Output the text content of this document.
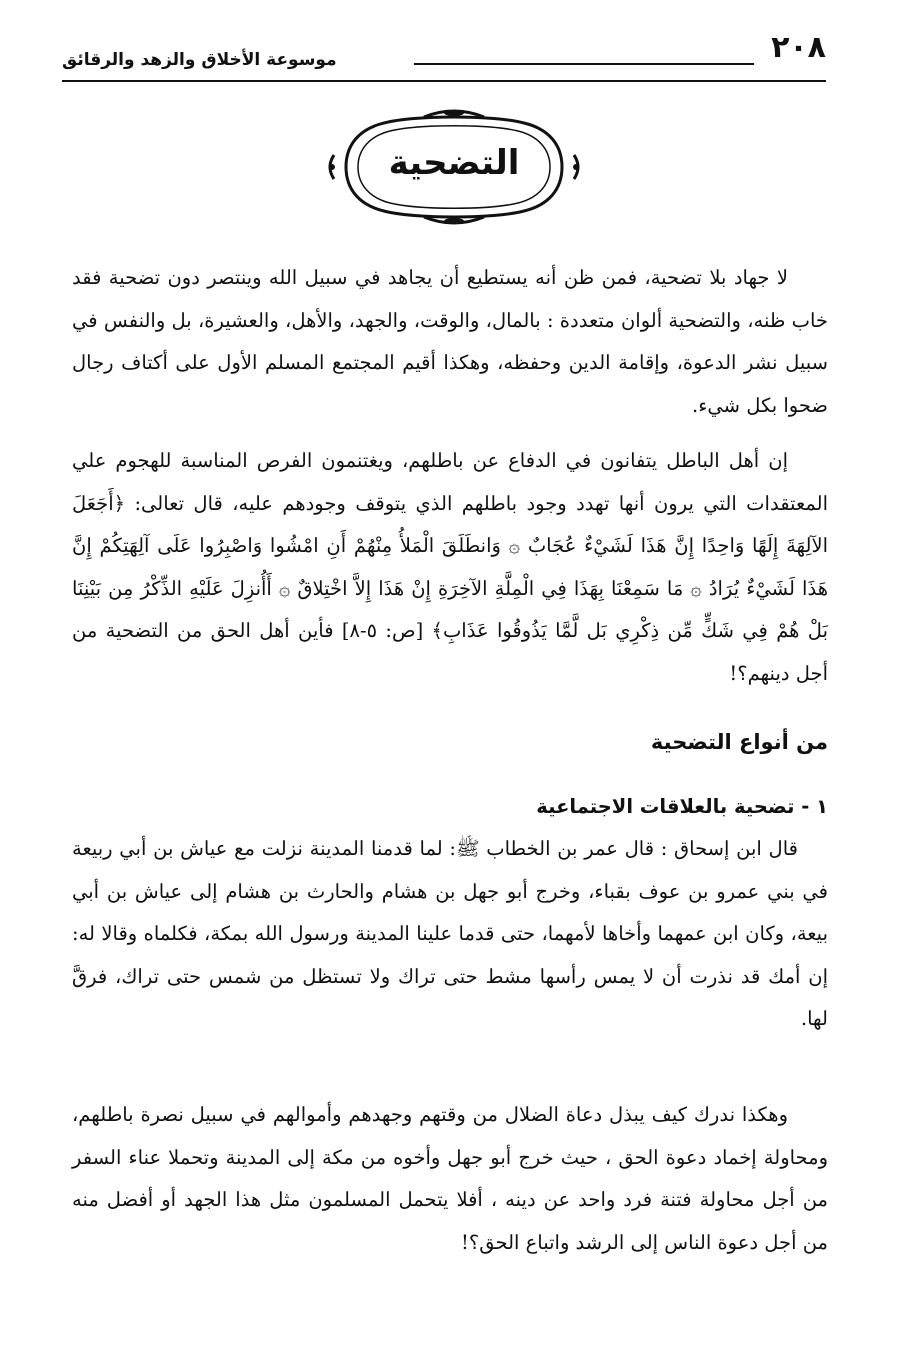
٢٠٨
موسوعة الأخلاق والزهد والرقائق
التضحية

لا جهاد بلا تضحية، فمن ظن أنه يستطيع أن يجاهد في سبيل الله وينتصر دون تضحية فقد خاب ظنه، والتضحية ألوان متعددة : بالمال، والوقت، والجهد، والأهل، والعشيرة، بل والنفس في سبيل نشر الدعوة، وإقامة الدين وحفظه، وهكذا أقيم المجتمع المسلم الأول على أكتاف رجال ضحوا بكل شيء.

إن أهل الباطل يتفانون في الدفاع عن باطلهم، ويغتنمون الفرص المناسبة للهجوم علي المعتقدات التي يرون أنها تهدد وجود باطلهم الذي يتوقف وجودهم عليه، قال تعالى: ﴿أَجَعَلَ الآلِهَةَ إِلَهًا وَاحِدًا إِنَّ هَذَا لَشَيْءٌ عُجَابٌ ۞ وَانطَلَقَ الْمَلأُ مِنْهُمْ أَنِ امْشُوا وَاصْبِرُوا عَلَى آلِهَتِكُمْ إِنَّ هَذَا لَشَيْءٌ يُرَادُ ۞ مَا سَمِعْنَا بِهَذَا فِي الْمِلَّةِ الآخِرَةِ إِنْ هَذَا إِلاَّ اخْتِلاقٌ ۞ أَأُنزِلَ عَلَيْهِ الذِّكْرُ مِن بَيْنِنَا بَلْ هُمْ فِي شَكٍّ مِّن ذِكْرِي بَل لَّمَّا يَذُوقُوا عَذَابِ﴾ [ص: ٥-٨] فأين أهل الحق من التضحية من أجل دينهم؟!

من أنواع التضحية
١ - تضحية بالعلاقات الاجتماعية

قال ابن إسحاق : قال عمر بن الخطاب ﷺ: لما قدمنا المدينة نزلت مع عياش بن أبي ربيعة في بني عمرو بن عوف بقباء، وخرج أبو جهل بن هشام والحارث بن هشام إلى عياش بن أبي بيعة، وكان ابن عمهما وأخاها لأمهما، حتى قدما علينا المدينة ورسول الله بمكة، فكلماه وقالا له: إن أمك قد نذرت أن لا يمس رأسها مشط حتى تراك ولا تستظل من شمس حتى تراك، فرقَّ لها.

وهكذا ندرك كيف يبذل دعاة الضلال من وقتهم وجهدهم وأموالهم في سبيل نصرة باطلهم، ومحاولة إخماد دعوة الحق ، حيث خرج أبو جهل وأخوه من مكة إلى المدينة وتحملا عناء السفر من أجل محاولة فتنة فرد واحد عن دينه ، أفلا يتحمل المسلمون مثل هذا الجهد أو أفضل منه من أجل دعوة الناس إلى الرشد واتباع الحق؟!
